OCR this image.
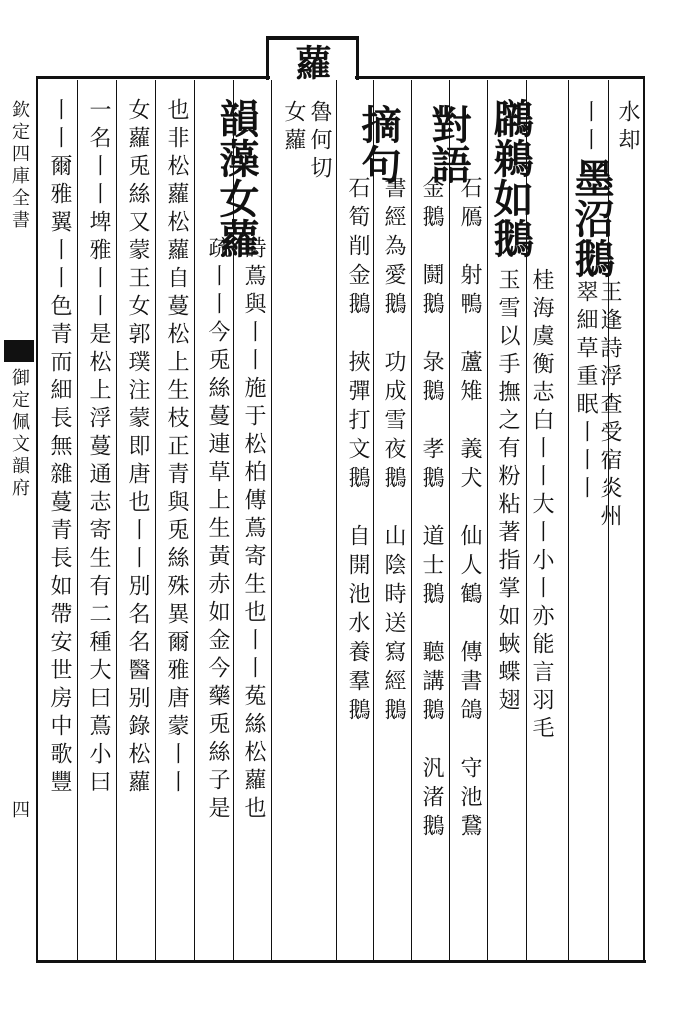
蘿
魯何切	水却
丨丨
墨沼鵝
王逢詩浮查受宿炎州
翠細草重眠丨丨丨
鸊鵜如鵝
桂海虞衡志白丨丨大丨小丨亦能言羽毛
玉雪以手撫之有粉粘著指掌如蛺蝶翅
對語
石鴈　射鴨　蘆雉　義犬　仙人鶴　傳書鴿　守池鵞
金鵝　鬪鵝　彔鵝　孝鵝　道士鵝　聽講鵝　汎渚鵝
摘句
書經為愛鵝　功成雪夜鵝　山陰時送寫經鵝
石筍削金鵝　挾彈打文鵝　自開池水養羣鵝
女蘿
韻藻女蘿
詩蔦與丨丨施于松柏傳蔦寄生也丨丨菟絲松蘿也
疏丨丨今兎絲蔓連草上生黃赤如金今藥兎絲子是
也非松蘿松蘿自蔓松上生枝正青與兎絲殊異爾雅唐蒙丨丨
女蘿兎絲又蒙王女郭璞注蒙即唐也丨丨別名名醫别錄松蘿
一名丨丨埤雅丨丨是松上浮蔓通志寄生有二種大曰蔦小曰
丨丨爾雅翼丨丨色青而細長無雜蔓青長如帶安世房中歌豐
欽定四庫全書
御定佩文韻府
四
